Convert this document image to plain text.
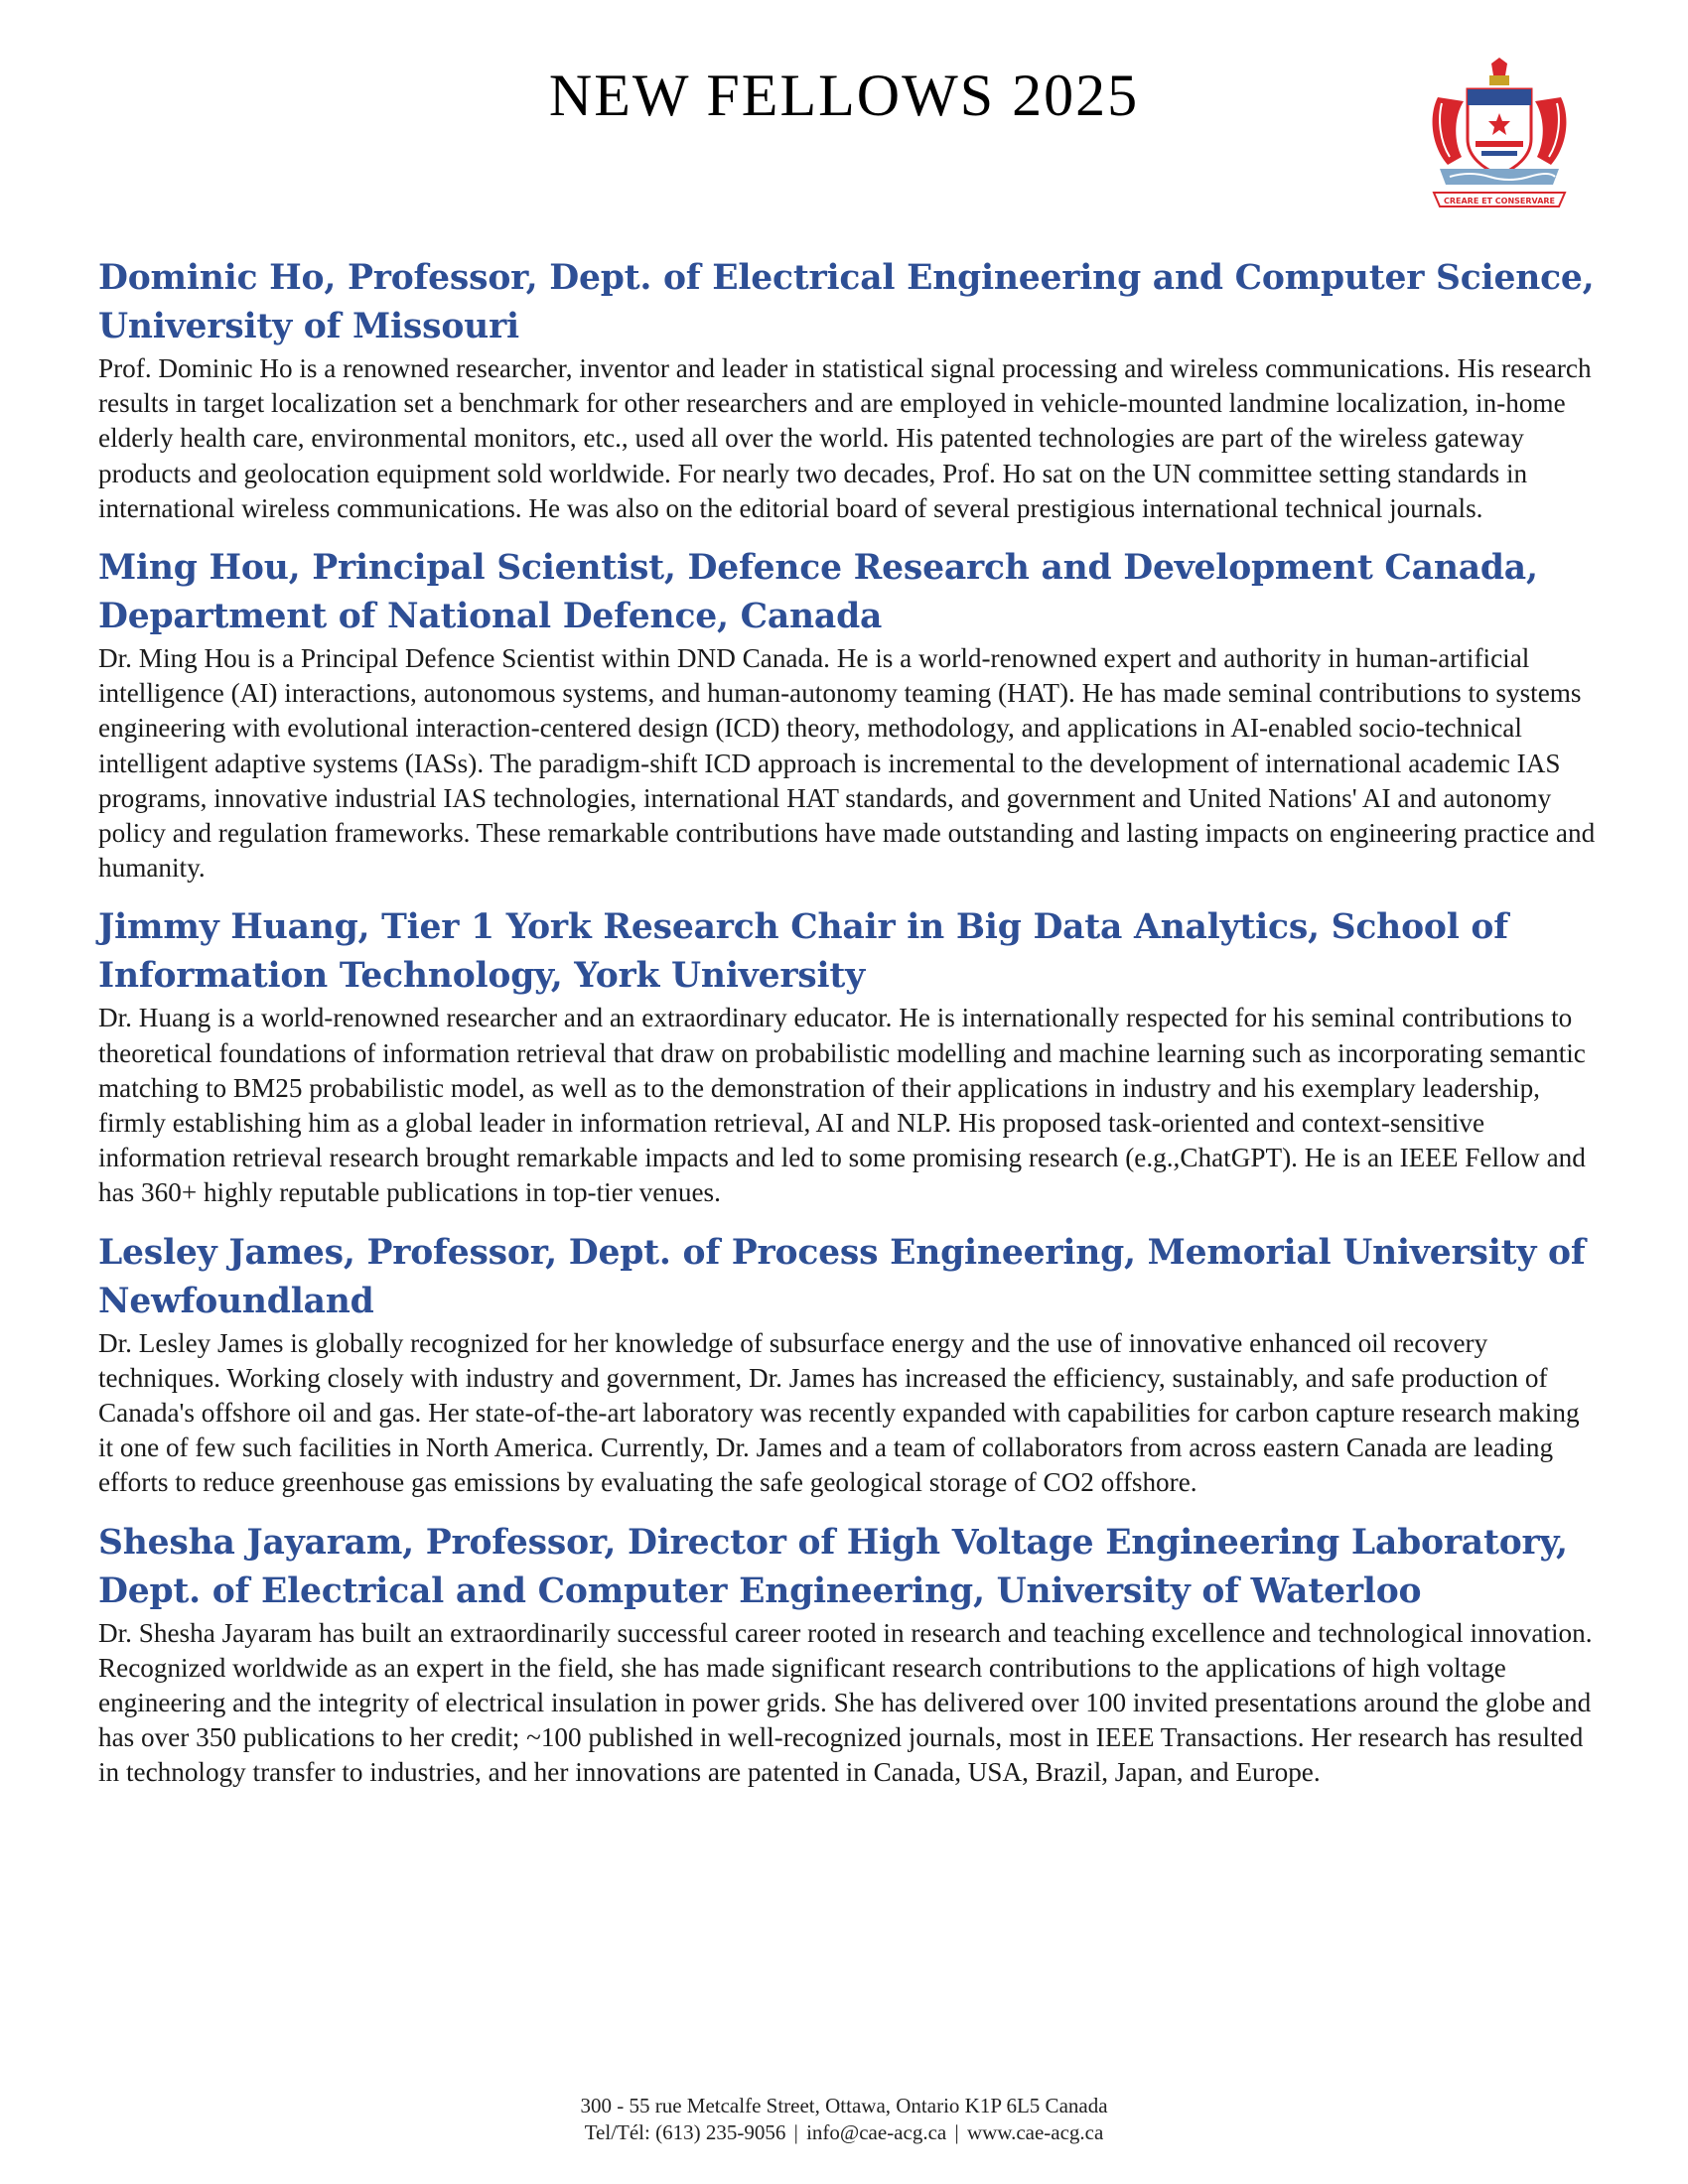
NEW FELLOWS 2025
CREARE ET CONSERVARE

Dominic Ho, Professor, Dept. of Electrical Engineering and Computer Science, University of Missouri

Prof. Dominic Ho is a renowned researcher, inventor and leader in statistical signal processing and wireless communications. His research results in target localization set a benchmark for other researchers and are employed in vehicle-mounted landmine localization, in-home elderly health care, environmental monitors, etc., used all over the world. His patented technologies are part of the wireless gateway products and geolocation equipment sold worldwide. For nearly two decades, Prof. Ho sat on the UN committee setting standards in international wireless communications. He was also on the editorial board of several prestigious international technical journals.

Ming Hou, Principal Scientist, Defence Research and Development Canada, Department of National Defence, Canada

Dr. Ming Hou is a Principal Defence Scientist within DND Canada. He is a world-renowned expert and authority in human-artificial intelligence (AI) interactions, autonomous systems, and human-autonomy teaming (HAT). He has made seminal contributions to systems engineering with evolutional interaction-centered design (ICD) theory, methodology, and applications in AI-enabled socio-technical intelligent adaptive systems (IASs). The paradigm-shift ICD approach is incremental to the development of international academic IAS programs, innovative industrial IAS technologies, international HAT standards, and government and United Nations' AI and autonomy policy and regulation frameworks. These remarkable contributions have made outstanding and lasting impacts on engineering practice and humanity.

Jimmy Huang, Tier 1 York Research Chair in Big Data Analytics, School of Information Technology, York University

Dr. Huang is a world-renowned researcher and an extraordinary educator. He is internationally respected for his seminal contributions to theoretical foundations of information retrieval that draw on probabilistic modelling and machine learning such as incorporating semantic matching to BM25 probabilistic model, as well as to the demonstration of their applications in industry and his exemplary leadership, firmly establishing him as a global leader in information retrieval, AI and NLP. His proposed task-oriented and context-sensitive information retrieval research brought remarkable impacts and led to some promising research (e.g.,ChatGPT). He is an IEEE Fellow and has 360+ highly reputable publications in top-tier venues.

Lesley James, Professor, Dept. of Process Engineering, Memorial University of Newfoundland

Dr. Lesley James is globally recognized for her knowledge of subsurface energy and the use of innovative enhanced oil recovery techniques. Working closely with industry and government, Dr. James has increased the efficiency, sustainably, and safe production of Canada's offshore oil and gas. Her state-of-the-art laboratory was recently expanded with capabilities for carbon capture research making it one of few such facilities in North America. Currently, Dr. James and a team of collaborators from across eastern Canada are leading efforts to reduce greenhouse gas emissions by evaluating the safe geological storage of CO2 offshore.

Shesha Jayaram, Professor, Director of High Voltage Engineering Laboratory, Dept. of Electrical and Computer Engineering, University of Waterloo

Dr. Shesha Jayaram has built an extraordinarily successful career rooted in research and teaching excellence and technological innovation. Recognized worldwide as an expert in the field, she has made significant research contributions to the applications of high voltage engineering and the integrity of electrical insulation in power grids. She has delivered over 100 invited presentations around the globe and has over 350 publications to her credit; ~100 published in well-recognized journals, most in IEEE Transactions. Her research has resulted in technology transfer to industries, and her innovations are patented in Canada, USA, Brazil, Japan, and Europe.

300 - 55 rue Metcalfe Street, Ottawa, Ontario K1P 6L5 Canada
Tel/Tél: (613) 235-9056 | info@cae-acg.ca | www.cae-acg.ca
